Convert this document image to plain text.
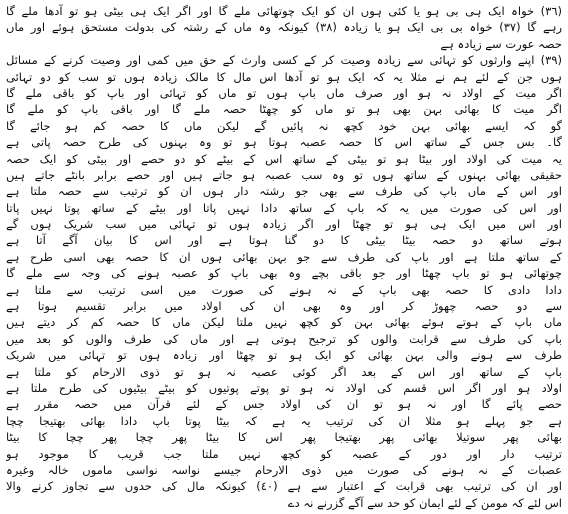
(٣٦) خواہ ایک ہی بی ہو یا کئی ہوں ان کو ایک چوتھائی ملے گا اور اگر ایک ہی بیٹی ہو تو آدھا ملے گا
رہے گا (٣٧) خواہ بی بی ایک ہو یا زیادہ (٣٨) کیونکہ وہ ماں کے رشتہ کی بدولت مستحق ہوئے اور ماں
حصہ عورت سے زیادہ ہے
(٣٩) اپنے وارثوں کو تہائی سے زیادہ وصیت کر کے کسی وارث کے حق میں کمی اور وصیت کرنے کے مسائل
ہوں جن کے لئے ہم نے مثلا یہ کہ ایک ہو تو آدھا اس مال کا مالک زیادہ ہوں تو سب کو دو تہائی
اگر میت کے اولاد نہ ہو اور صرف ماں باپ ہوں تو ماں کو تہائی اور باپ کو باقی ملے گا
اگر میت کا بھائی بہن بھی ہو تو ماں کو چھٹا حصہ ملے گا اور باقی باپ کو ملے گا
گو کہ ایسے بھائی بہن خود کچھ نہ پائیں گے لیکن ماں کا حصہ کم ہو جائے گا
گا۔ بس جس کے ساتھ اس کا حصہ عصبہ ہوتا ہو تو وہ بہنوں کی طرح حصہ پاتی ہے
یہ میت کی اولاد اور بیٹا ہو تو بیٹی کے ساتھ اس کے بیٹے کو دو حصے اور بیٹی کو ایک حصہ
حقیقی بھائی بہنوں کے ساتھ ہوں تو وہ سب عصبہ ہو جاتے ہیں اور حصے برابر بانٹے جاتے ہیں
اور اس کے ماں باپ کی طرف سے بھی جو رشتہ دار ہوں ان کو ترتیب سے حصہ ملتا ہے
اور اس کی صورت میں یہ کہ باپ کے ساتھ دادا نہیں پاتا اور بیٹے کے ساتھ پوتا نہیں پاتا
اور اس میں ایک ہی ہو تو چھٹا اور اگر زیادہ ہوں تو تہائی میں سب شریک ہوں گے
ہوتے ساتھ دو حصہ بیٹا بیٹی کا دو گنا ہوتا ہے اور اس کا بیان آگے آتا ہے
کے ساتھ ملتا ہے اور باپ کی طرف سے جو بہن بھائی ہوں ان کا حصہ بھی اسی طرح ہے
چوتھائی ہو تو باپ چھٹا اور جو باقی بچے وہ بھی باپ کو عصبہ ہونے کی وجہ سے ملے گا
دادا دادی کا حصہ بھی باپ کے نہ ہونے کی صورت میں اسی ترتیب سے ملتا ہے
سے دو حصہ چھوڑ کر اور وہ بھی ان کی اولاد میں برابر تقسیم ہوتا ہے
ماں باپ کے ہوتے ہوئے بھائی بہن کو کچھ نہیں ملتا لیکن ماں کا حصہ کم کر دیتے ہیں
باپ کی طرف سے قرابت والوں کو ترجیح ہوتی ہے اور ماں کی طرف والوں کو بعد میں
طرف سے ہونے والی بہن بھائی کو ایک ہو تو چھٹا اور زیادہ ہوں تو تہائی میں شریک
باپ کے ساتھ اور اس کے بعد اگر کوئی عصبہ نہ ہو تو ذوی الارحام کو ملتا ہے
اولاد ہو اور اگر اس قسم کی اولاد نہ ہو تو پوتے پوتیوں کو بیٹے بیٹیوں کی طرح ملتا ہے
حصے پائے گا اور نہ ہو تو ان کی اولاد جس کے لئے قرآن میں حصہ مقرر ہے
ہے جو پہلے ہو مثلا ان کی ترتیب یہ ہے کہ بیٹا پوتا باپ دادا بھائی بھتیجا چچا
بھائی پھر سوتیلا بھائی پھر بھتیجا پھر اس کا بیٹا پھر چچا پھر چچا کا بیٹا
ترتیب دار اور دور کے عصبہ کو کچھ نہیں ملتا جب قریب کا موجود ہو
عصبات کے نہ ہونے کی صورت میں ذوی الارحام جیسے نواسہ نواسی ماموں خالہ وغیرہ
اور ان کی ترتیب بھی قرابت کے اعتبار سے ہے (٤٠) کیونکہ مال کی حدوں سے تجاوز کرنے والا
اس لئے کہ مومن کے لئے ایمان کو حد سے آگے گزرنے نہ دے
